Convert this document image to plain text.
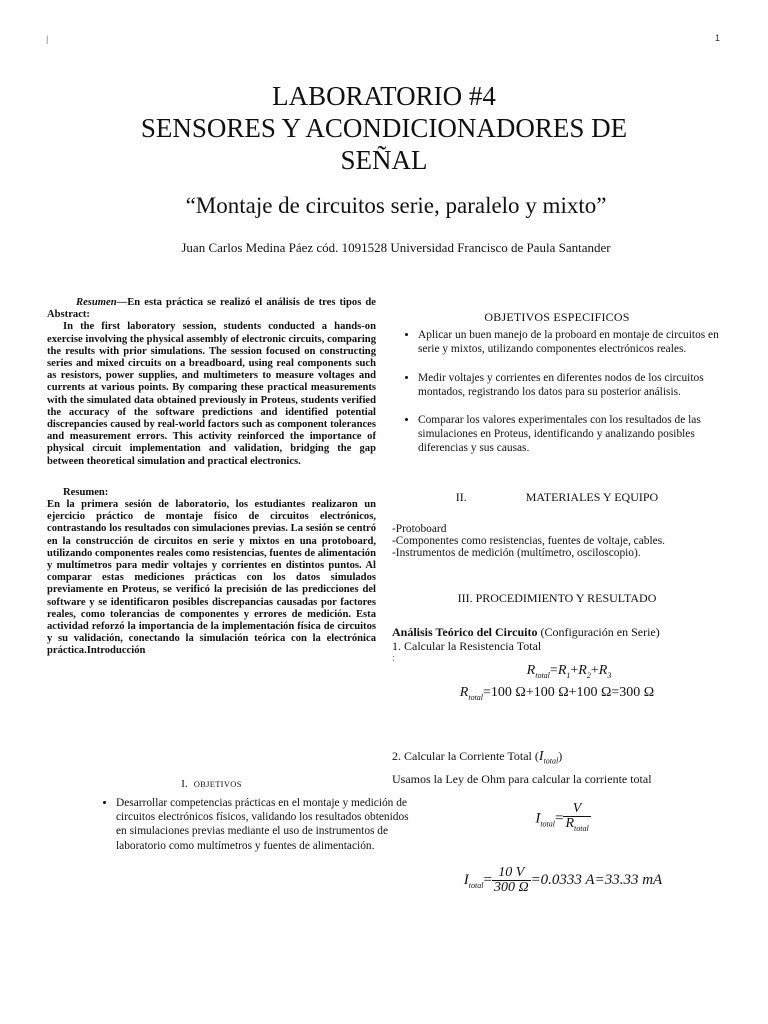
|	1

LABORATORIO #4

SENSORES Y ACONDICIONADORES DE

SEÑAL

“Montaje de circuitos serie, paralelo y mixto”
Juan Carlos Medina Páez cód. 1091528 Universidad Francisco de Paula Santander

Resumen—En esta práctica se realizó el análisis de tres tipos de Abstract:

In the first laboratory session, students conducted a hands-on exercise involving the physical assembly of electronic circuits, comparing the results with prior simulations. The session focused on constructing series and mixed circuits on a breadboard, using real components such as resistors, power supplies, and multimeters to measure voltages and currents at various points. By comparing these practical measurements with the simulated data obtained previously in Proteus, students verified the accuracy of the software predictions and identified potential discrepancies caused by real-world factors such as component tolerances and measurement errors. This activity reinforced the importance of physical circuit implementation and validation, bridging the gap between theoretical simulation and practical electronics.

Resumen:

En la primera sesión de laboratorio, los estudiantes realizaron un ejercicio práctico de montaje físico de circuitos electrónicos, contrastando los resultados con simulaciones previas. La sesión se centró en la construcción de circuitos en serie y mixtos en una protoboard, utilizando componentes reales como resistencias, fuentes de alimentación y multímetros para medir voltajes y corrientes en distintos puntos. Al comparar estas mediciones prácticas con los datos simulados previamente en Proteus, se verificó la precisión de las predicciones del software y se identificaron posibles discrepancias causadas por factores reales, como tolerancias de componentes y errores de medición. Esta actividad reforzó la importancia de la implementación física de circuitos y su validación, conectando la simulación teórica con la electrónica práctica.Introducción

I. OBJETIVOS
• Desarrollar competencias prácticas en el montaje y medición de circuitos electrónicos físicos, validando los resultados obtenidos en simulaciones previas mediante el uso de instrumentos de laboratorio como multímetros y fuentes de alimentación.

OBJETIVOS ESPECIFICOS

• Aplicar un buen manejo de la proboard en montaje de circuitos en serie y mixtos, utilizando componentes electrónicos reales.
• Medir voltajes y corrientes en diferentes nodos de los circuitos montados, registrando los datos para su posterior análisis.
• Comparar los valores experimentales con los resultados de las simulaciones en Proteus, identificando y analizando posibles diferencias y sus causas.

II.	MATERIALES Y EQUIPO

-Protoboard
-Componentes como resistencias, fuentes de voltaje, cables.
-Instrumentos de medición (multímetro, osciloscopio).

III. PROCEDIMIENTO Y RESULTADO

Análisis Teórico del Circuito (Configuración en Serie)
1. Calcular la Resistencia Total

:

$R_{total}=R_1+R_2+R_3$

$R_{total}=100$ Ω+100 Ω+100 Ω=300 Ω

2. Calcular la Corriente Total $(I_{total})$

Usamos la Ley de Ohm para calcular la corriente total

$I_{total}= \frac{V}{R_{total}}$
$I_{total}= \frac{10 V}{300 \Omega} =0.0333$ A=33.33 mA
